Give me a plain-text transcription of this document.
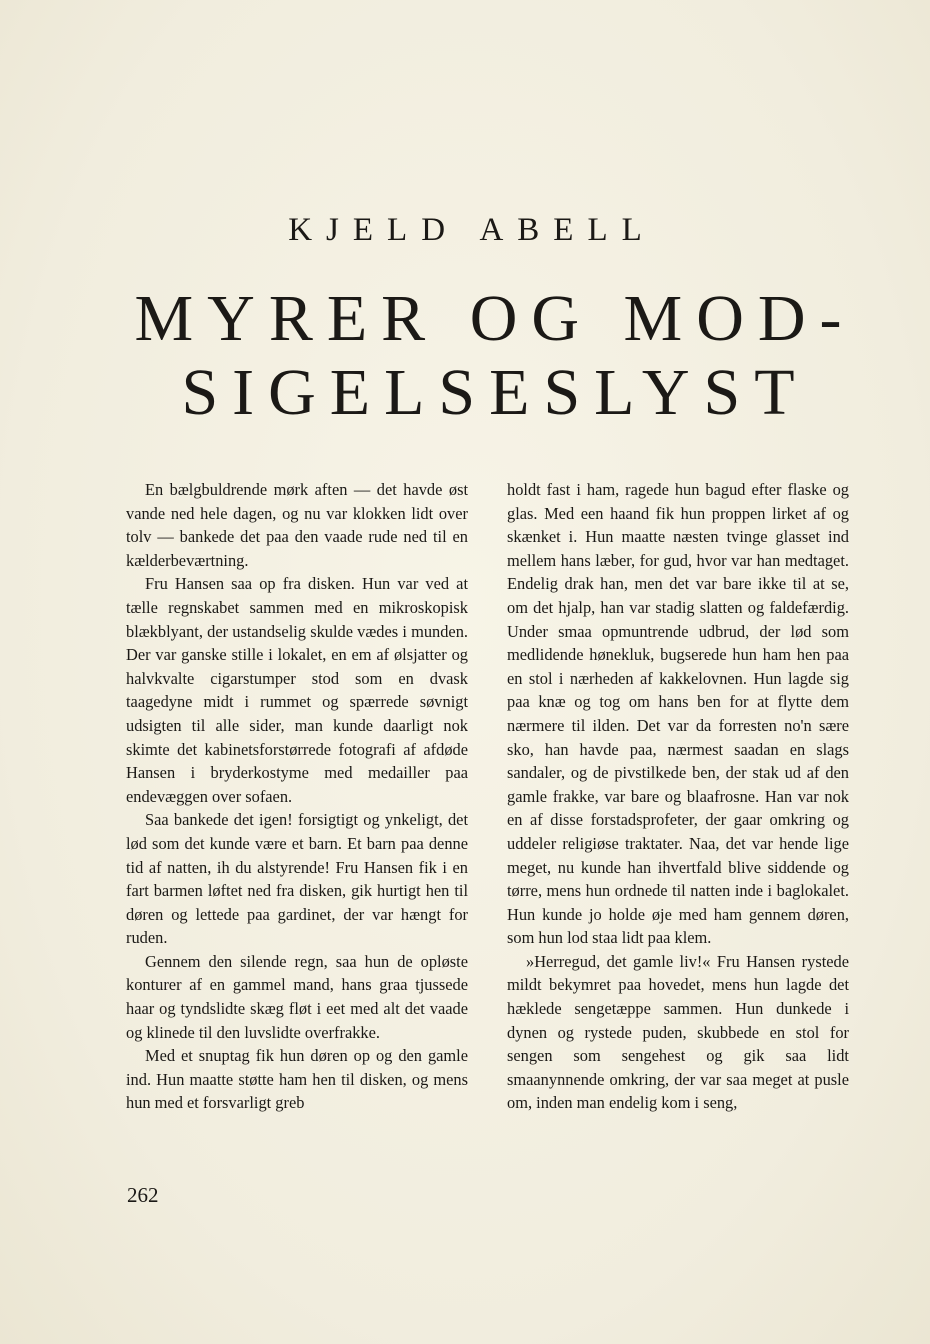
KJELD ABELL
MYRER OG MOD-
SIGELSESLYST

En bælgbuldrende mørk aften — det havde øst vande ned hele dagen, og nu var klokken lidt over tolv — bankede det paa den vaade rude ned til en kælderbeværtning.

Fru Hansen saa op fra disken. Hun var ved at tælle regnskabet sammen med en mikroskopisk blækblyant, der ustandselig skulde vædes i munden. Der var ganske stille i lokalet, en em af ølsjatter og halvkvalte cigarstumper stod som en dvask taagedyne midt i rummet og spærrede søvnigt udsigten til alle sider, man kunde daarligt nok skimte det kabinetsforstørrede fotografi af afdøde Hansen i bryderkostyme med medailler paa endevæggen over sofaen.

Saa bankede det igen! forsigtigt og ynkeligt, det lød som det kunde være et barn. Et barn paa denne tid af natten, ih du alstyrende! Fru Hansen fik i en fart barmen løftet ned fra disken, gik hurtigt hen til døren og lettede paa gardinet, der var hængt for ruden.

Gennem den silende regn, saa hun de opløste konturer af en gammel mand, hans graa tjussede haar og tyndslidte skæg fløt i eet med alt det vaade og klinede til den luvslidte overfrakke.

Med et snuptag fik hun døren op og den gamle ind. Hun maatte støtte ham hen til disken, og mens hun med et forsvarligt greb

holdt fast i ham, ragede hun bagud efter flaske og glas. Med een haand fik hun proppen lirket af og skænket i. Hun maatte næsten tvinge glasset ind mellem hans læber, for gud, hvor var han medtaget. Endelig drak han, men det var bare ikke til at se, om det hjalp, han var stadig slatten og faldefærdig. Under smaa opmuntrende udbrud, der lød som medlidende hønekluk, bugserede hun ham hen paa en stol i nærheden af kakkelovnen. Hun lagde sig paa knæ og tog om hans ben for at flytte dem nærmere til ilden. Det var da forresten no'n sære sko, han havde paa, nærmest saadan en slags sandaler, og de pivstilkede ben, der stak ud af den gamle frakke, var bare og blaafrosne. Han var nok en af disse forstadsprofeter, der gaar omkring og uddeler religiøse traktater. Naa, det var hende lige meget, nu kunde han ihvertfald blive siddende og tørre, mens hun ordnede til natten inde i baglokalet. Hun kunde jo holde øje med ham gennem døren, som hun lod staa lidt paa klem.

»Herregud, det gamle liv!« Fru Hansen rystede mildt bekymret paa hovedet, mens hun lagde det hæklede sengetæppe sammen. Hun dunkede i dynen og rystede puden, skubbede en stol for sengen som sengehest og gik saa lidt smaanynnende omkring, der var saa meget at pusle om, inden man endelig kom i seng,

262
